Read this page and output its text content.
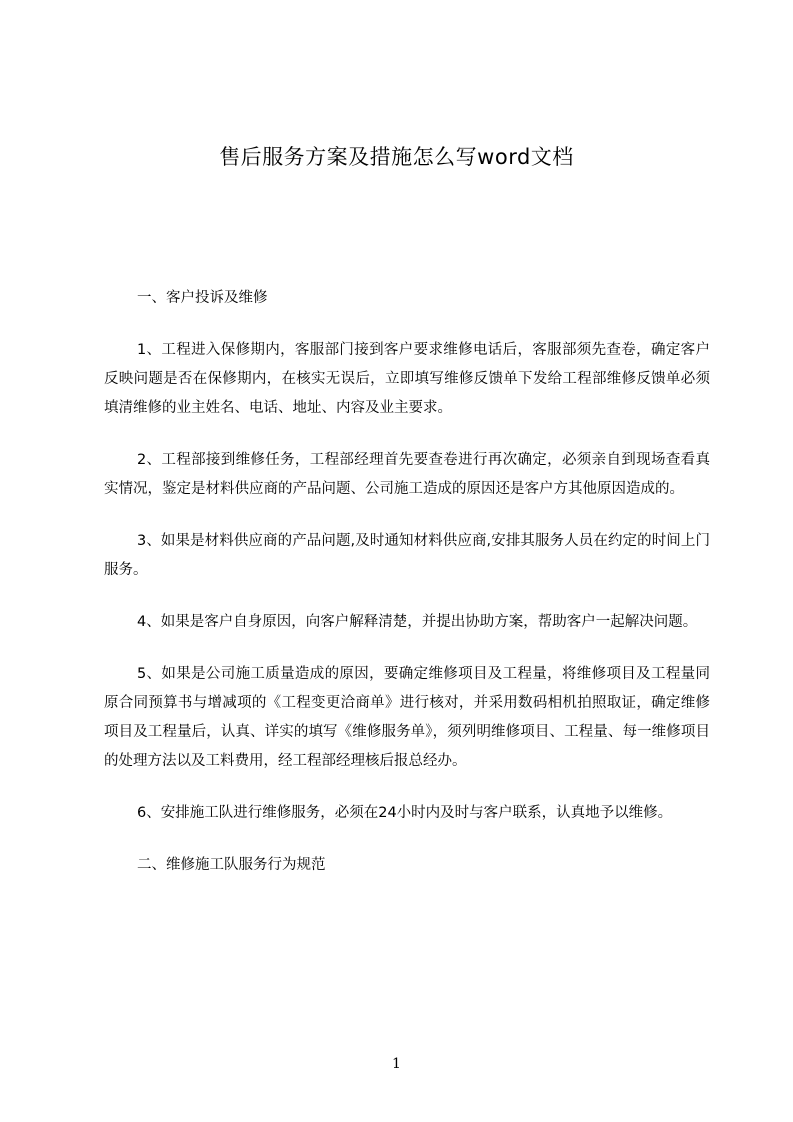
售后服务方案及措施怎么写word文档
一、客户投诉及维修
1、工程进入保修期内，客服部门接到客户要求维修电话后，客服部须先查卷，确定客户反映问题是否在保修期内，在核实无误后，立即填写维修反馈单下发给工程部维修反馈单必须填清维修的业主姓名、电话、地址、内容及业主要求。
2、工程部接到维修任务，工程部经理首先要查卷进行再次确定，必须亲自到现场查看真实情况，鉴定是材料供应商的产品问题、公司施工造成的原因还是客户方其他原因造成的。
3、如果是材料供应商的产品问题,及时通知材料供应商,安排其服务人员在约定的时间上门服务。
4、如果是客户自身原因，向客户解释清楚，并提出协助方案，帮助客户一起解决问题。
5、如果是公司施工质量造成的原因，要确定维修项目及工程量，将维修项目及工程量同原合同预算书与增减项的《工程变更洽商单》进行核对，并采用数码相机拍照取证，确定维修项目及工程量后，认真、详实的填写《维修服务单》，须列明维修项目、工程量、每一维修项目的处理方法以及工料费用，经工程部经理核后报总经办。
6、安排施工队进行维修服务，必须在24小时内及时与客户联系，认真地予以维修。
二、维修施工队服务行为规范
1
